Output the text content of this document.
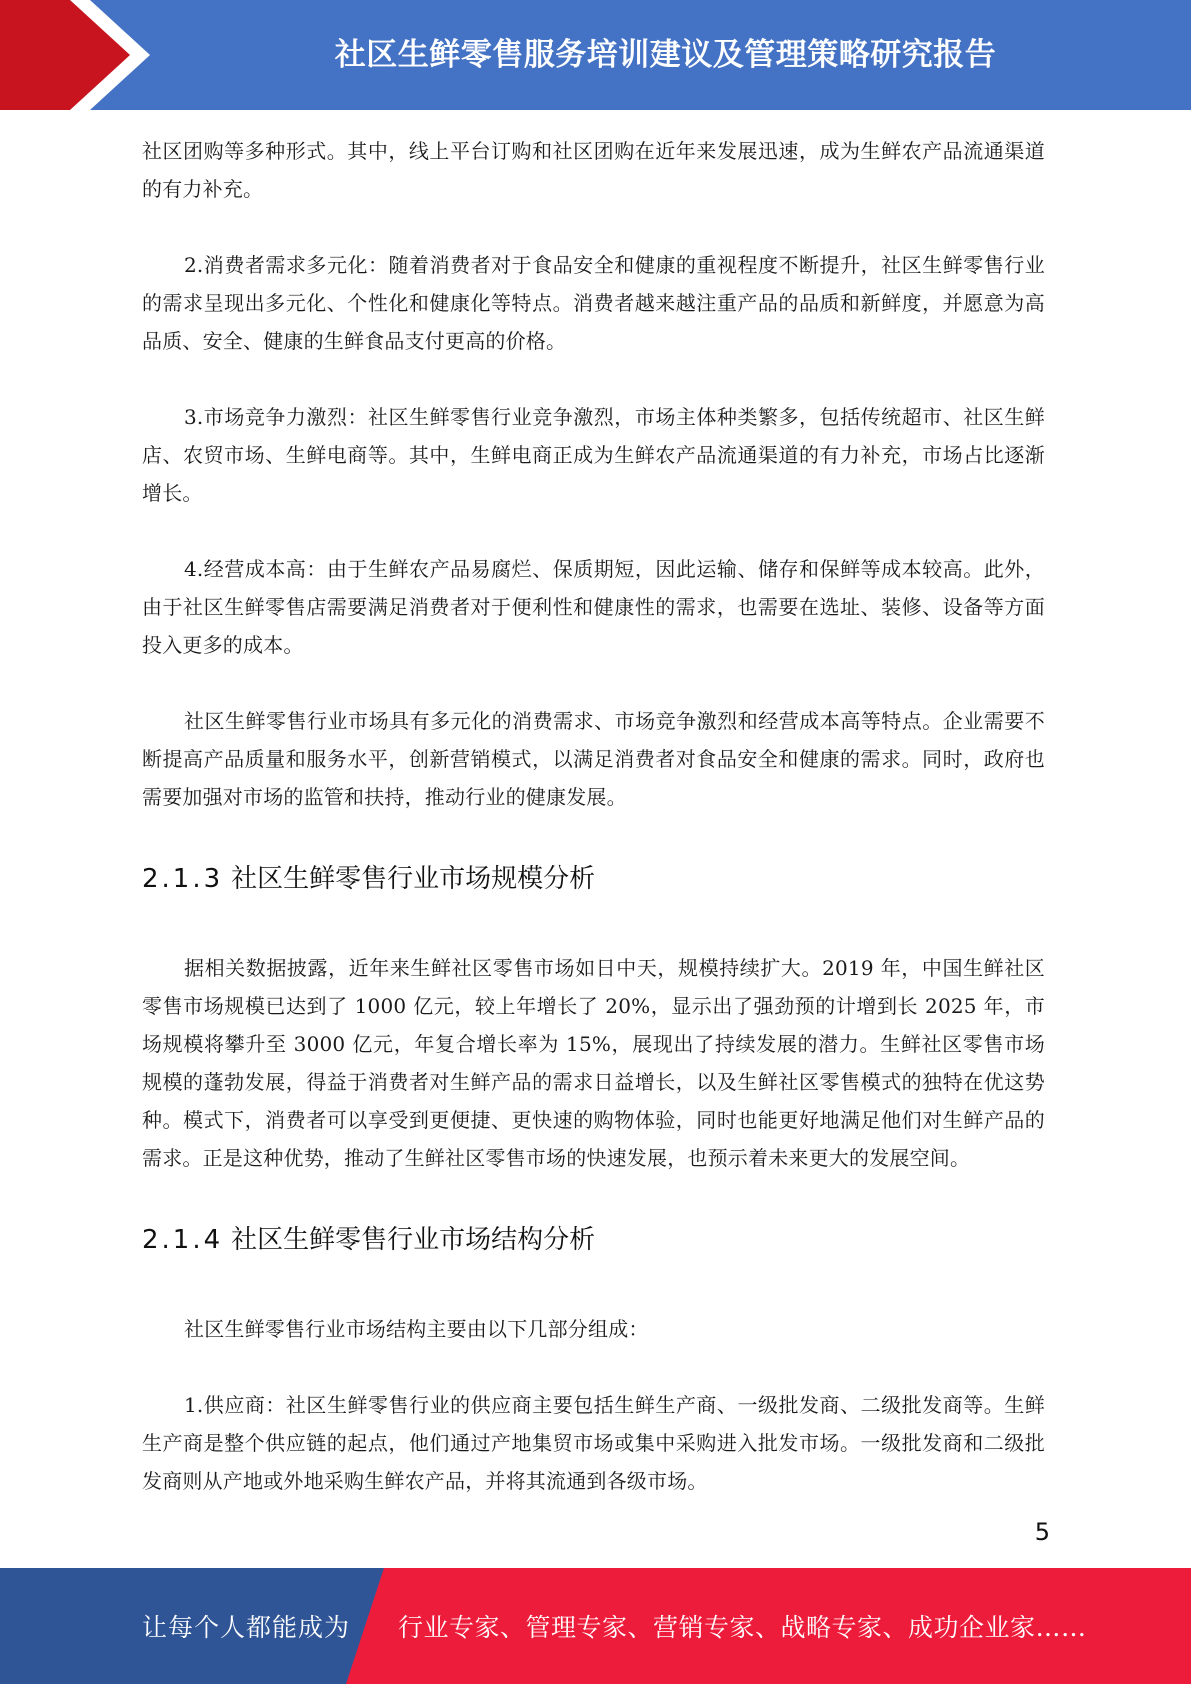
社区生鲜零售服务培训建议及管理策略研究报告

社区团购等多种形式。其中，线上平台订购和社区团购在近年来发展迅速，成为生鲜农产品流通渠道的有力补充。

2.消费者需求多元化：随着消费者对于食品安全和健康的重视程度不断提升，社区生鲜零售行业的需求呈现出多元化、个性化和健康化等特点。消费者越来越注重产品的品质和新鲜度，并愿意为高品质、安全、健康的生鲜食品支付更高的价格。

3.市场竞争力激烈：社区生鲜零售行业竞争激烈，市场主体种类繁多，包括传统超市、社区生鲜店、农贸市场、生鲜电商等。其中，生鲜电商正成为生鲜农产品流通渠道的有力补充，市场占比逐渐增长。

4.经营成本高：由于生鲜农产品易腐烂、保质期短，因此运输、储存和保鲜等成本较高。此外，由于社区生鲜零售店需要满足消费者对于便利性和健康性的需求，也需要在选址、装修、设备等方面投入更多的成本。

社区生鲜零售行业市场具有多元化的消费需求、市场竞争激烈和经营成本高等特点。企业需要不断提高产品质量和服务水平，创新营销模式，以满足消费者对食品安全和健康的需求。同时，政府也需要加强对市场的监管和扶持，推动行业的健康发展。

2.1.3 社区生鲜零售行业市场规模分析

据相关数据披露，近年来生鲜社区零售市场如日中天，规模持续扩大。2019 年，中国生鲜社区零售市场规模已达到了 1000 亿元，较上年增长了 20%，显示出了强劲预的计增到长 2025 年，市场规模将攀升至 3000 亿元，年复合增长率为 15%，展现出了持续发展的潜力。生鲜社区零售市场规模的蓬勃发展，得益于消费者对生鲜产品的需求日益增长，以及生鲜社区零售模式的独特在优这势种。模式下，消费者可以享受到更便捷、更快速的购物体验，同时也能更好地满足他们对生鲜产品的需求。正是这种优势，推动了生鲜社区零售市场的快速发展，也预示着未来更大的发展空间。

2.1.4 社区生鲜零售行业市场结构分析

社区生鲜零售行业市场结构主要由以下几部分组成：

1.供应商：社区生鲜零售行业的供应商主要包括生鲜生产商、一级批发商、二级批发商等。生鲜生产商是整个供应链的起点，他们通过产地集贸市场或集中采购进入批发市场。一级批发商和二级批发商则从产地或外地采购生鲜农产品，并将其流通到各级市场。

5
让每个人都能成为 行业专家、管理专家、营销专家、战略专家、成功企业家……
